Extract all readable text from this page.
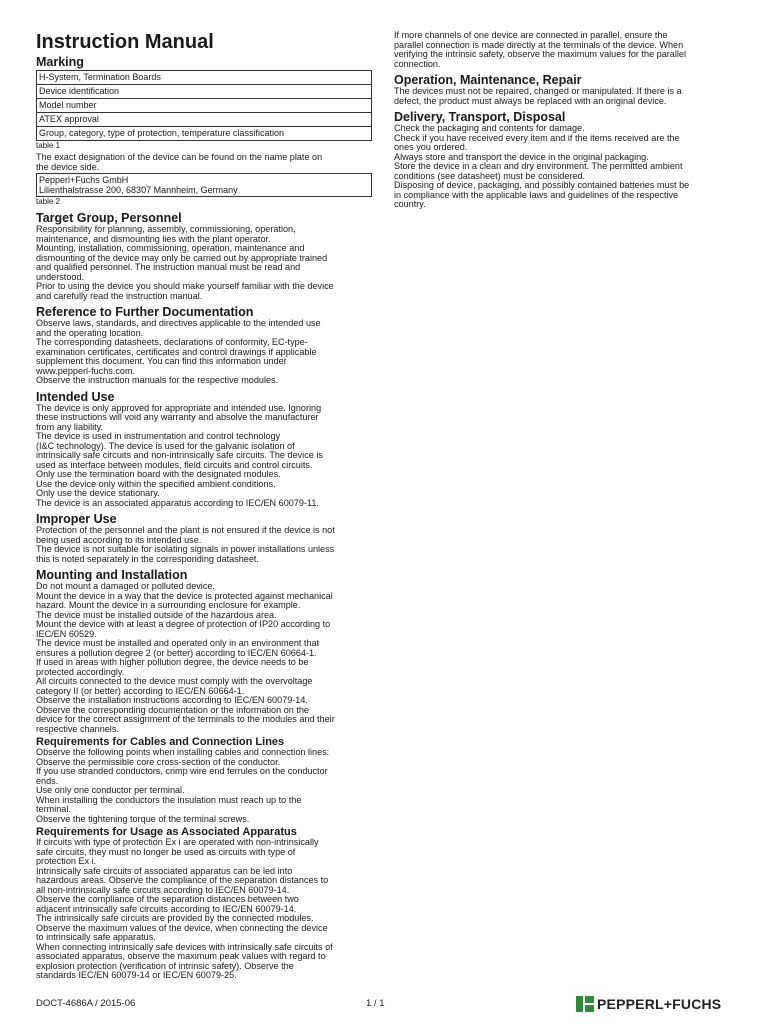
Instruction Manual
Marking
H-System, Termination Boards
Device identification
Model number
ATEX approval
Group, category, type of protection, temperature classification
table 1
The exact designation of the device can be found on the name plate on
the device side.
Pepperl+Fuchs GmbH
Lilienthalstrasse 200, 68307 Mannheim, Germany
table 2
Target Group, Personnel
Responsibility for planning, assembly, commissioning, operation,
maintenance, and dismounting lies with the plant operator.
Mounting, installation, commissioning, operation, maintenance and
dismounting of the device may only be carried out by appropriate trained
and qualified personnel. The instruction manual must be read and
understood.
Prior to using the device you should make yourself familiar with the device
and carefully read the instruction manual.
Reference to Further Documentation
Observe laws, standards, and directives applicable to the intended use
and the operating location.
The corresponding datasheets, declarations of conformity, EC-type-
examination certificates, certificates and control drawings if applicable
supplement this document. You can find this information under
www.pepperl-fuchs.com.
Observe the instruction manuals for the respective modules.
Intended Use
The device is only approved for appropriate and intended use. Ignoring
these instructions will void any warranty and absolve the manufacturer
from any liability.
The device is used in instrumentation and control technology
(I&C technology). The device is used for the galvanic isolation of
intrinsically safe circuits and non-intrinsically safe circuits. The device is
used as interface between modules, field circuits and control circuits.
Only use the termination board with the designated modules.
Use the device only within the specified ambient conditions.
Only use the device stationary.
The device is an associated apparatus according to IEC/EN 60079-11.
Improper Use
Protection of the personnel and the plant is not ensured if the device is not
being used according to its intended use.
The device is not suitable for isolating signals in power installations unless
this is noted separately in the corresponding datasheet.
Mounting and Installation
Do not mount a damaged or polluted device.
Mount the device in a way that the device is protected against mechanical
hazard. Mount the device in a surrounding enclosure for example.
The device must be installed outside of the hazardous area.
Mount the device with at least a degree of protection of IP20 according to
IEC/EN 60529.
The device must be installed and operated only in an environment that
ensures a pollution degree 2 (or better) according to IEC/EN 60664-1.
If used in areas with higher pollution degree, the device needs to be
protected accordingly.
All circuits connected to the device must comply with the overvoltage
category II (or better) according to IEC/EN 60664-1.
Observe the installation instructions according to IEC/EN 60079-14.
Observe the corresponding documentation or the information on the
device for the correct assignment of the terminals to the modules and their
respective channels.
Requirements for Cables and Connection Lines
Observe the following points when installing cables and connection lines:
Observe the permissible core cross-section of the conductor.
If you use stranded conductors, crimp wire end ferrules on the conductor
ends.
Use only one conductor per terminal.
When installing the conductors the insulation must reach up to the
terminal.
Observe the tightening torque of the terminal screws.
Requirements for Usage as Associated Apparatus
If circuits with type of protection Ex i are operated with non-intrinsically
safe circuits, they must no longer be used as circuits with type of
protection Ex i.
Intrinsically safe circuits of associated apparatus can be led into
hazardous areas. Observe the compliance of the separation distances to
all non-intrinsically safe circuits according to IEC/EN 60079-14.
Observe the compliance of the separation distances between two
adjacent intrinsically safe circuits according to IEC/EN 60079-14.
The intrinsically safe circuits are provided by the connected modules.
Observe the maximum values of the device, when connecting the device
to intrinsically safe apparatus.
When connecting intrinsically safe devices with intrinsically safe circuits of
associated apparatus, observe the maximum peak values with regard to
explosion protection (verification of intrinsic safety). Observe the
standards IEC/EN 60079-14 or IEC/EN 60079-25.
If more channels of one device are connected in parallel, ensure the
parallel connection is made directly at the terminals of the device. When
verifying the intrinsic safety, observe the maximum values for the parallel
connection.
Operation, Maintenance, Repair
The devices must not be repaired, changed or manipulated. If there is a
defect, the product must always be replaced with an original device.
Delivery, Transport, Disposal
Check the packaging and contents for damage.
Check if you have received every item and if the items received are the
ones you ordered.
Always store and transport the device in the original packaging.
Store the device in a clean and dry environment. The permitted ambient
conditions (see datasheet) must be considered.
Disposing of device, packaging, and possibly contained batteries must be
in compliance with the applicable laws and guidelines of the respective
country.
DOCT-4686A / 2015-06	1 / 1	PEPPERL+FUCHS
